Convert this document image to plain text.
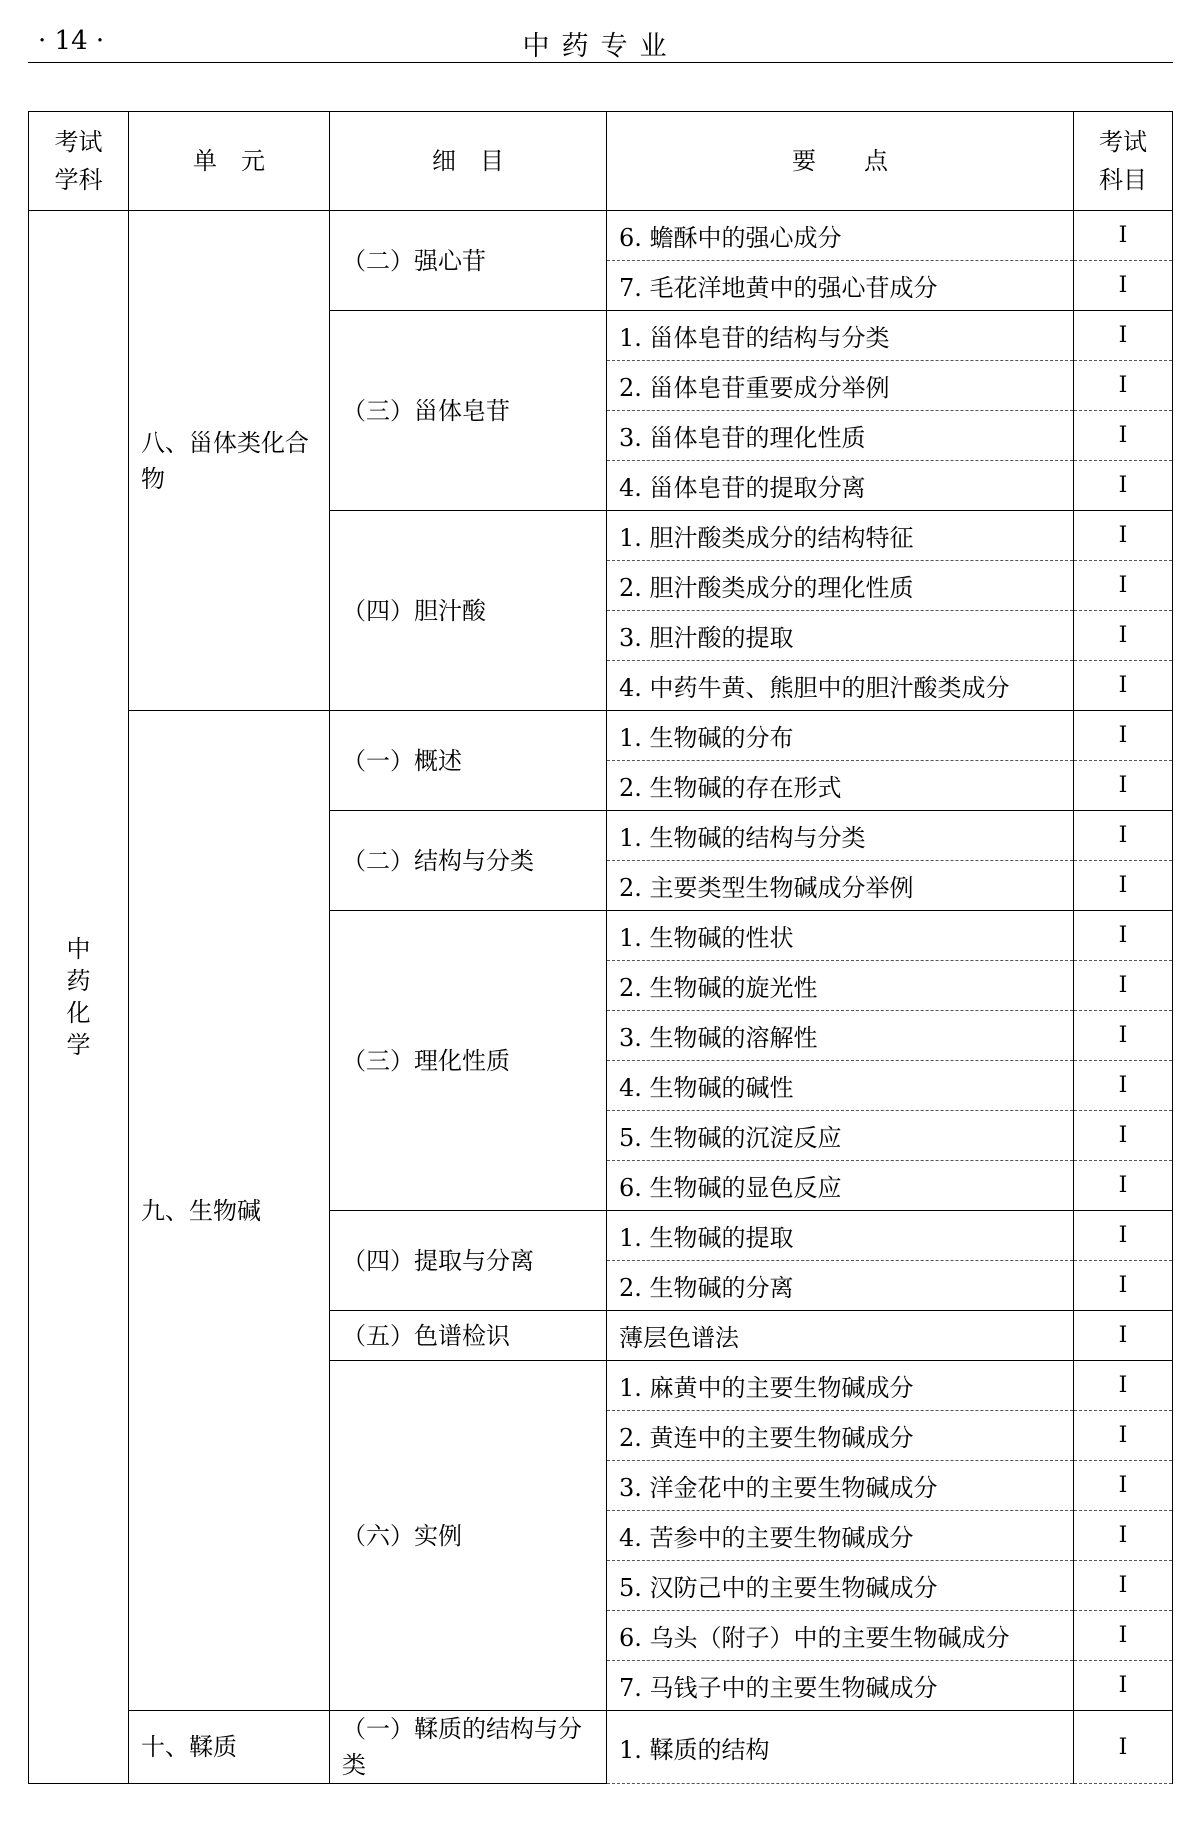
· 14 ·	中药专业
考试学科	单　元	细　目	要　　点	考试科目
中药化学	八、甾体类化合物	（二）强心苷	6. 蟾酥中的强心成分	Ⅰ
			7. 毛花洋地黄中的强心苷成分	Ⅰ
		（三）甾体皂苷	1. 甾体皂苷的结构与分类	Ⅰ
			2. 甾体皂苷重要成分举例	Ⅰ
			3. 甾体皂苷的理化性质	Ⅰ
			4. 甾体皂苷的提取分离	Ⅰ
		（四）胆汁酸	1. 胆汁酸类成分的结构特征	Ⅰ
			2. 胆汁酸类成分的理化性质	Ⅰ
			3. 胆汁酸的提取	Ⅰ
			4. 中药牛黄、熊胆中的胆汁酸类成分	Ⅰ
	九、生物碱	（一）概述	1. 生物碱的分布	Ⅰ
			2. 生物碱的存在形式	Ⅰ
		（二）结构与分类	1. 生物碱的结构与分类	Ⅰ
			2. 主要类型生物碱成分举例	Ⅰ
		（三）理化性质	1. 生物碱的性状	Ⅰ
			2. 生物碱的旋光性	Ⅰ
			3. 生物碱的溶解性	Ⅰ
			4. 生物碱的碱性	Ⅰ
			5. 生物碱的沉淀反应	Ⅰ
			6. 生物碱的显色反应	Ⅰ
		（四）提取与分离	1. 生物碱的提取	Ⅰ
			2. 生物碱的分离	Ⅰ
		（五）色谱检识	薄层色谱法	Ⅰ
		（六）实例	1. 麻黄中的主要生物碱成分	Ⅰ
			2. 黄连中的主要生物碱成分	Ⅰ
			3. 洋金花中的主要生物碱成分	Ⅰ
			4. 苦参中的主要生物碱成分	Ⅰ
			5. 汉防己中的主要生物碱成分	Ⅰ
			6. 乌头（附子）中的主要生物碱成分	Ⅰ
			7. 马钱子中的主要生物碱成分	Ⅰ
	十、鞣质	（一）鞣质的结构与分类	1. 鞣质的结构	Ⅰ
